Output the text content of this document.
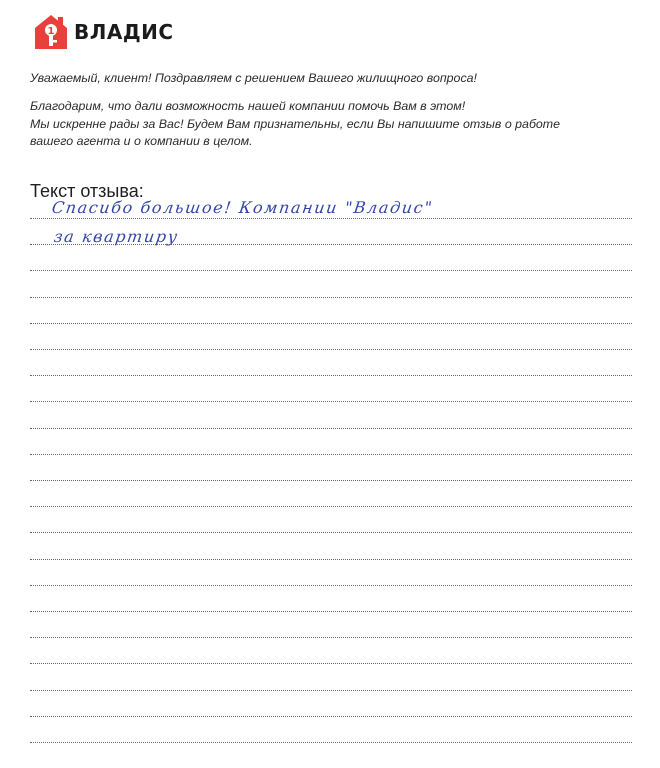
1 ВЛАДИС

Уважаемый, клиент! Поздравляем с решением Вашего жилищного вопроса!

Благодарим, что дали возможность нашей компании помочь Вам в этом!
Мы искренне рады за Вас! Будем Вам признательны, если Вы напишите отзыв о работе
вашего агента и о компании в целом.

Текст отзыва:
Спасибо большое! Компании "Владис"
за квартиру
